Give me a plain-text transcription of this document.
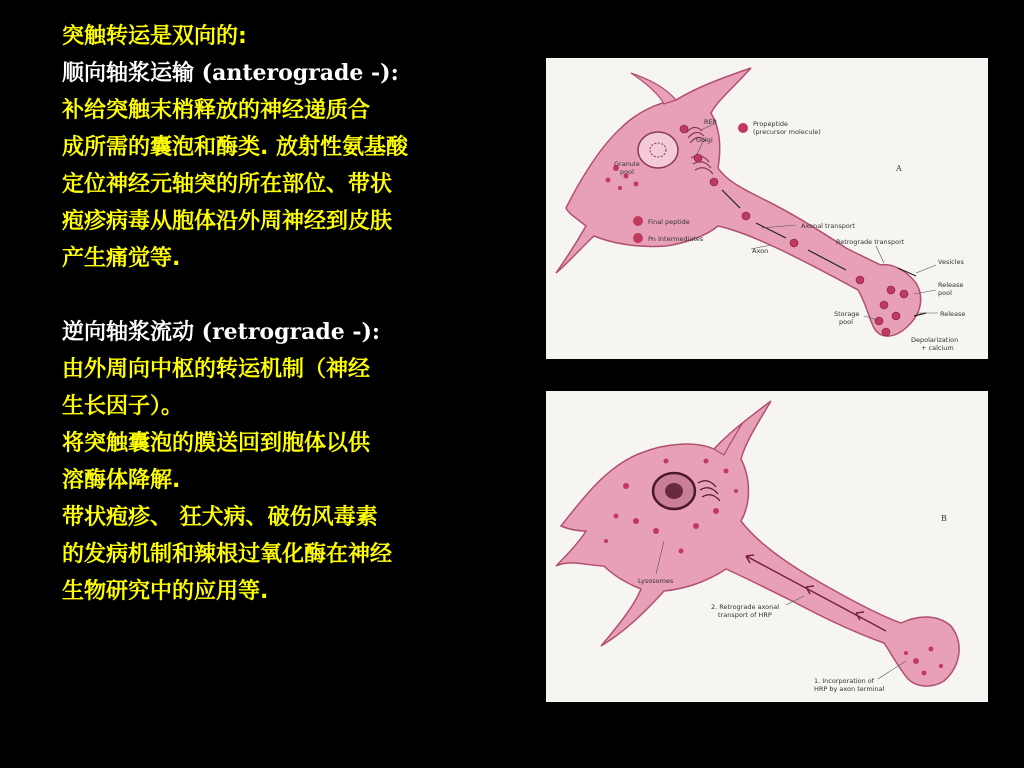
突触转运是双向的:
顺向轴浆运输 (anterograde -):
补给突触末梢释放的神经递质合
成所需的囊泡和酶类. 放射性氨基酸
定位神经元轴突的所在部位、带状
疱疹病毒从胞体沿外周神经到皮肤
产生痛觉等.
逆向轴浆流动 (retrograde -):
由外周向中枢的转运机制（神经
生长因子）。
将突触囊泡的膜送回到胞体以供
溶酶体降解.
带状疱疹、 狂犬病、破伤风毒素
的发病机制和辣根过氧化酶在神经
生物研究中的应用等.
RER
Golgi
Granule
pool
Propeptide
(precursor molecule)
Final peptide
Pn Intermediates
Axonal transport
Axon
Retrograde transport
Vesicles
Release
pool
Release
Storage
pool
Depolarization
+ calcium
A
Lysosomes
2. Retrograde axonal
transport of HRP
1. Incorporation of
HRP by axon terminal
B
